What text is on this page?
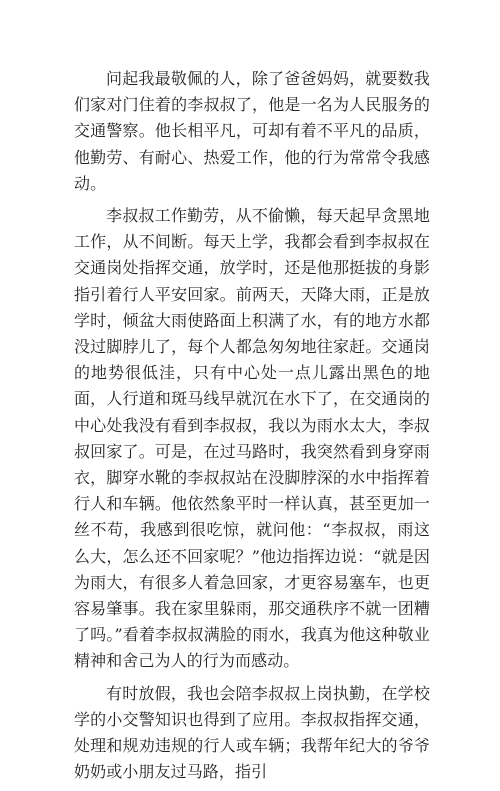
问起我最敬佩的人，除了爸爸妈妈，就要数我们家对门住着的李叔叔了，他是一名为人民服务的交通警察。他长相平凡，可却有着不平凡的品质，他勤劳、有耐心、热爱工作，他的行为常常令我感动。

李叔叔工作勤劳，从不偷懒，每天起早贪黑地工作，从不间断。每天上学，我都会看到李叔叔在交通岗处指挥交通，放学时，还是他那挺拔的身影指引着行人平安回家。前两天，天降大雨，正是放学时，倾盆大雨使路面上积满了水，有的地方水都没过脚脖儿了，每个人都急匆匆地往家赶。交通岗的地势很低洼，只有中心处一点儿露出黑色的地面，人行道和斑马线早就沉在水下了，在交通岗的中心处我没有看到李叔叔，我以为雨水太大，李叔叔回家了。可是，在过马路时，我突然看到身穿雨衣，脚穿水靴的李叔叔站在没脚脖深的水中指挥着行人和车辆。他依然象平时一样认真，甚至更加一丝不苟，我感到很吃惊，就问他：“李叔叔，雨这么大，怎么还不回家呢？”他边指挥边说：“就是因为雨大，有很多人着急回家，才更容易塞车，也更容易肇事。我在家里躲雨，那交通秩序不就一团糟了吗。”看着李叔叔满脸的雨水，我真为他这种敬业精神和舍己为人的行为而感动。

有时放假，我也会陪李叔叔上岗执勤，在学校学的小交警知识也得到了应用。李叔叔指挥交通，处理和规劝违规的行人或车辆；我帮年纪大的爷爷奶奶或小朋友过马路，指引
